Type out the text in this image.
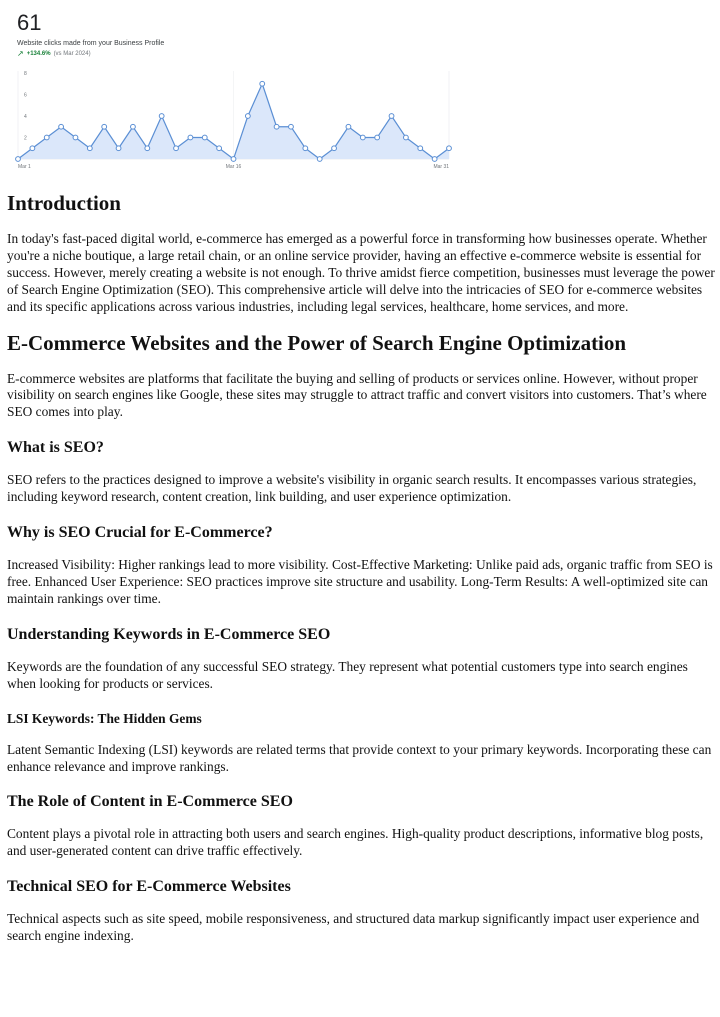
61
Website clicks made from your Business Profile
↗ +134.6% (vs Mar 2024)
8
6
4
2
Mar 1	Mar 16	Mar 31
Introduction

In today's fast-paced digital world, e-commerce has emerged as a powerful force in transforming how businesses operate. Whether you're a niche boutique, a large retail chain, or an online service provider, having an effective e-commerce website is essential for success. However, merely creating a website is not enough. To thrive amidst fierce competition, businesses must leverage the power of Search Engine Optimization (SEO). This comprehensive article will delve into the intricacies of SEO for e-commerce websites and its specific applications across various industries, including legal services, healthcare, home services, and more.

E-Commerce Websites and the Power of Search Engine Optimization

E-commerce websites are platforms that facilitate the buying and selling of products or services online. However, without proper visibility on search engines like Google, these sites may struggle to attract traffic and convert visitors into customers. That’s where SEO comes into play.

What is SEO?

SEO refers to the practices designed to improve a website's visibility in organic search results. It encompasses various strategies, including keyword research, content creation, link building, and user experience optimization.

Why is SEO Crucial for E-Commerce?

Increased Visibility: Higher rankings lead to more visibility. Cost-Effective Marketing: Unlike paid ads, organic traffic from SEO is free. Enhanced User Experience: SEO practices improve site structure and usability. Long-Term Results: A well-optimized site can maintain rankings over time.

Understanding Keywords in E-Commerce SEO

Keywords are the foundation of any successful SEO strategy. They represent what potential customers type into search engines when looking for products or services.

LSI Keywords: The Hidden Gems

Latent Semantic Indexing (LSI) keywords are related terms that provide context to your primary keywords. Incorporating these can enhance relevance and improve rankings.

The Role of Content in E-Commerce SEO

Content plays a pivotal role in attracting both users and search engines. High-quality product descriptions, informative blog posts, and user-generated content can drive traffic effectively.

Technical SEO for E-Commerce Websites

Technical aspects such as site speed, mobile responsiveness, and structured data markup significantly impact user experience and search engine indexing.
